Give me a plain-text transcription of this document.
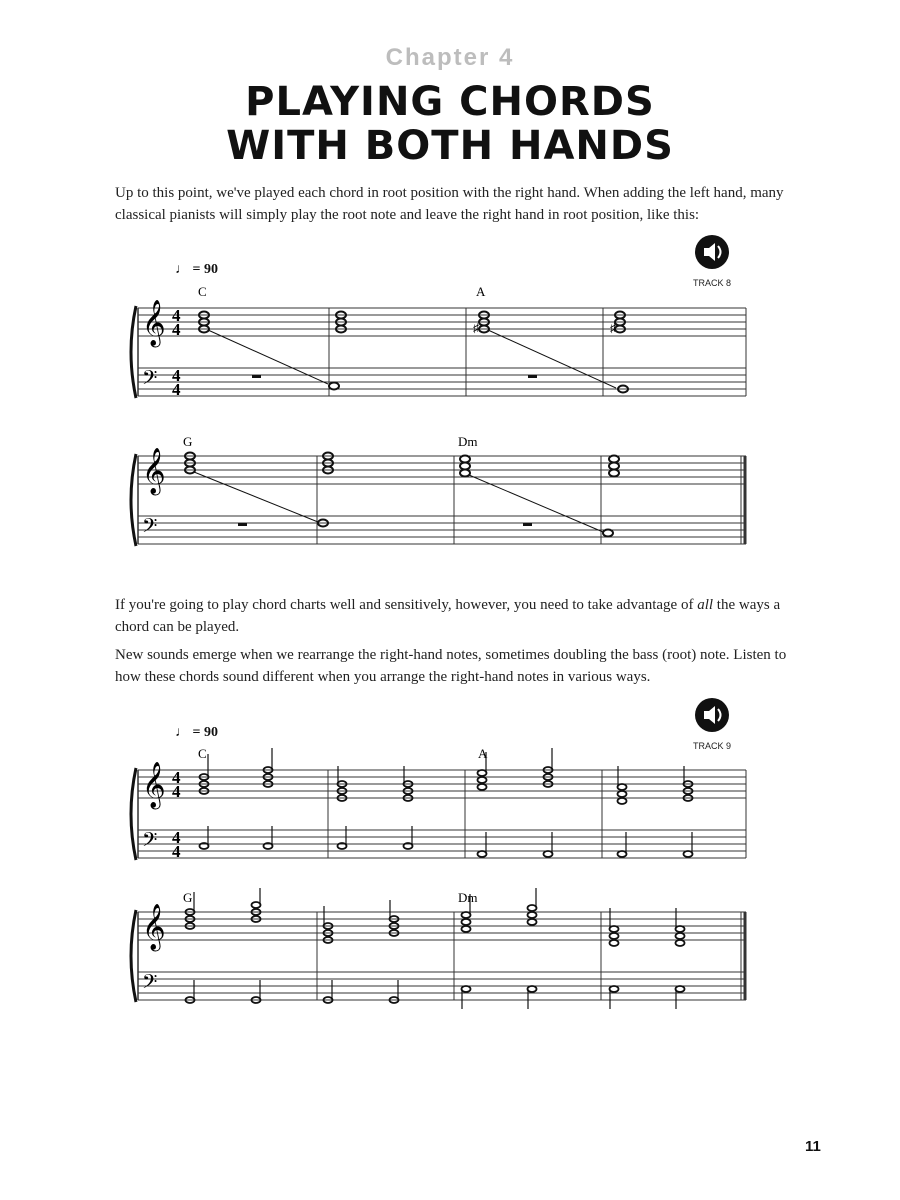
Chapter 4
PLAYING CHORDS
WITH BOTH HANDS
Up to this point, we've played each chord in root position with the right hand. When adding the left hand, many classical pianists will simply play the root note and leave the right hand in root position, like this:
TRACK 8
♩ = 90
C	A
𝄞
𝄢
4
4
4
4
♯	♯
G	Dm
𝄞
𝄢
If you're going to play chord charts well and sensitively, however, you need to take advantage of all the ways a chord can be played.
New sounds emerge when we rearrange the right-hand notes, sometimes doubling the bass (root) note. Listen to how these chords sound different when you arrange the right-hand notes in various ways.
TRACK 9
♩ = 90
C	A
𝄞
𝄢
4
4
4
4
G	Dm
𝄞
𝄢
11
